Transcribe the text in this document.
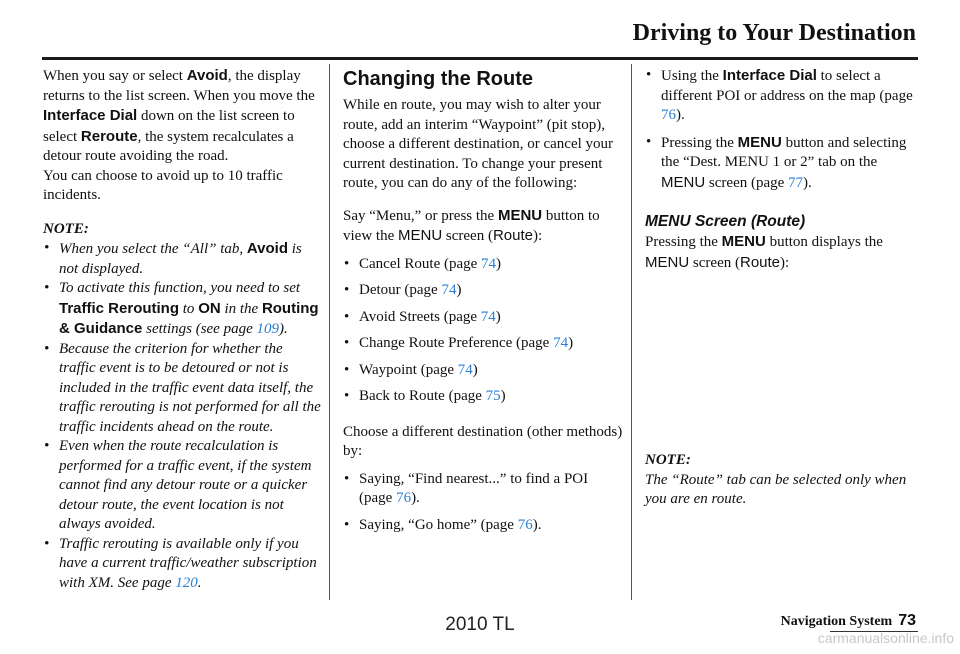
Driving to Your Destination

When you say or select Avoid, the display returns to the list screen. When you move the Interface Dial down on the list screen to select Reroute, the system recalculates a detour route avoiding the road.

You can choose to avoid up to 10 traffic incidents.

NOTE:

• When you select the “All” tab, Avoid is not displayed.
• To activate this function, you need to set Traffic Rerouting to ON in the Routing & Guidance settings (see page 109).
• Because the criterion for whether the traffic event is to be detoured or not is included in the traffic event data itself, the traffic rerouting is not performed for all the traffic incidents ahead on the route.
• Even when the route recalculation is performed for a traffic event, if the system cannot find any detour route or a quicker detour route, the event location is not always avoided.
• Traffic rerouting is available only if you have a current traffic/weather subscription with XM. See page 120.
Changing the Route

While en route, you may wish to alter your route, add an interim “Waypoint” (pit stop), choose a different destination, or cancel your current destination. To change your present route, you can do any of the following:

Say “Menu,” or press the MENU button to view the MENU screen (Route):

• Cancel Route (page 74)
• Detour (page 74)
• Avoid Streets (page 74)
• Change Route Preference (page 74)
• Waypoint (page 74)
• Back to Route (page 75)

Choose a different destination (other methods) by:

• Saying, “Find nearest...” to find a POI (page 76).
• Saying, “Go home” (page 76).
• Using the Interface Dial to select a different POI or address on the map (page 76).
• Pressing the MENU button and selecting the “Dest. MENU 1 or 2” tab on the MENU screen (page 77).
MENU Screen (Route)

Pressing the MENU button displays the MENU screen (Route):

NOTE:

The “Route” tab can be selected only when you are en route.

2010 TL	Navigation System 73
carmanualsonline.info
